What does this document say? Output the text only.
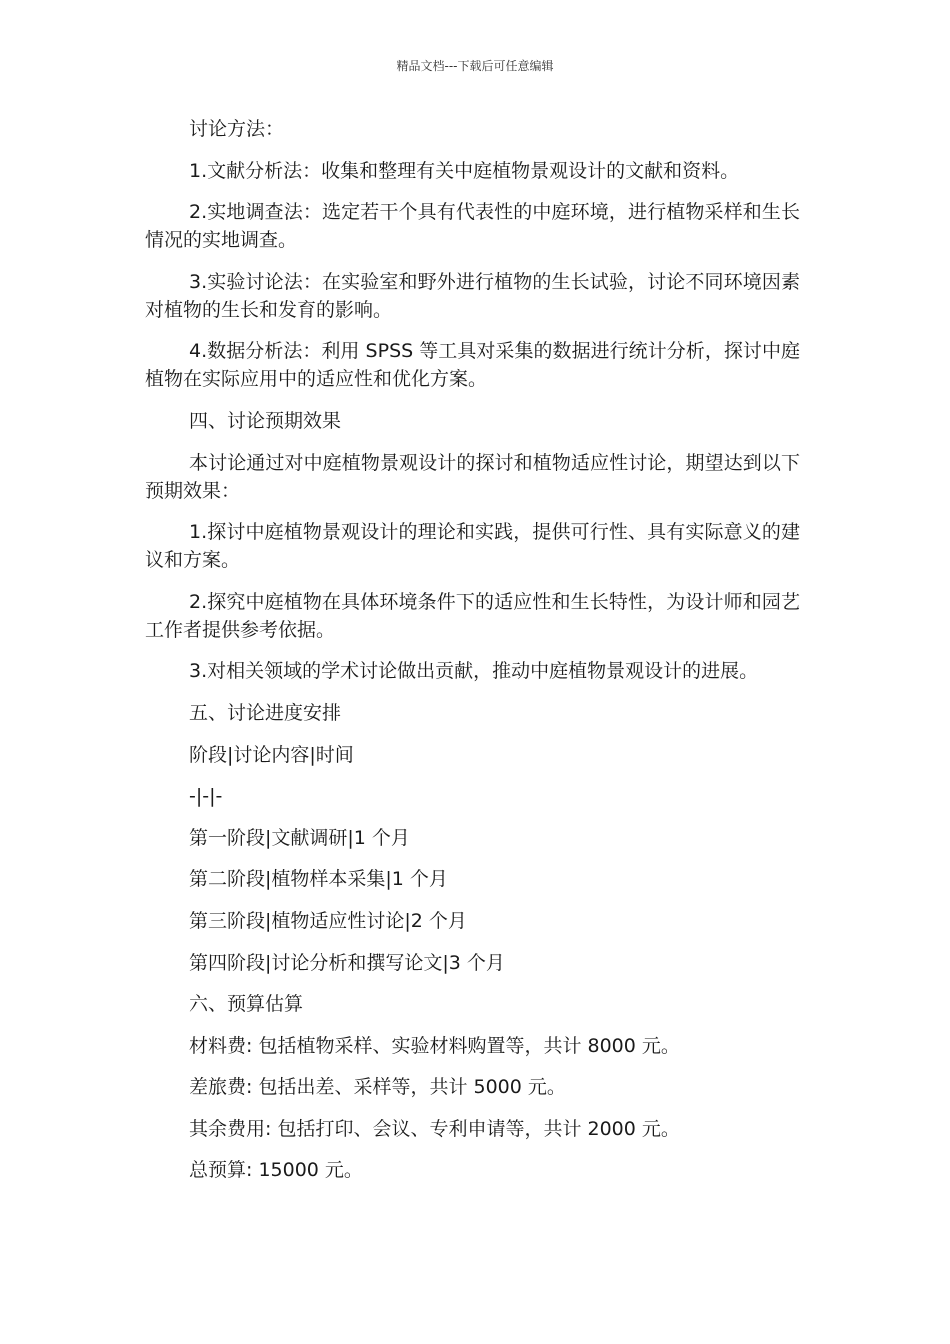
精品文档---下载后可任意编辑

讨论方法：

1.文献分析法：收集和整理有关中庭植物景观设计的文献和资料。

2.实地调查法：选定若干个具有代表性的中庭环境，进行植物采样和生长情况的实地调查。

3.实验讨论法：在实验室和野外进行植物的生长试验，讨论不同环境因素对植物的生长和发育的影响。

4.数据分析法：利用 SPSS 等工具对采集的数据进行统计分析，探讨中庭植物在实际应用中的适应性和优化方案。

四、讨论预期效果

本讨论通过对中庭植物景观设计的探讨和植物适应性讨论，期望达到以下预期效果：

1.探讨中庭植物景观设计的理论和实践，提供可行性、具有实际意义的建议和方案。

2.探究中庭植物在具体环境条件下的适应性和生长特性，为设计师和园艺工作者提供参考依据。

3.对相关领域的学术讨论做出贡献，推动中庭植物景观设计的进展。

五、讨论进度安排

阶段|讨论内容|时间

-|-|-

第一阶段|文献调研|1 个月

第二阶段|植物样本采集|1 个月

第三阶段|植物适应性讨论|2 个月

第四阶段|讨论分析和撰写论文|3 个月

六、预算估算

材料费: 包括植物采样、实验材料购置等，共计 8000 元。

差旅费: 包括出差、采样等，共计 5000 元。

其余费用: 包括打印、会议、专利申请等，共计 2000 元。

总预算: 15000 元。
